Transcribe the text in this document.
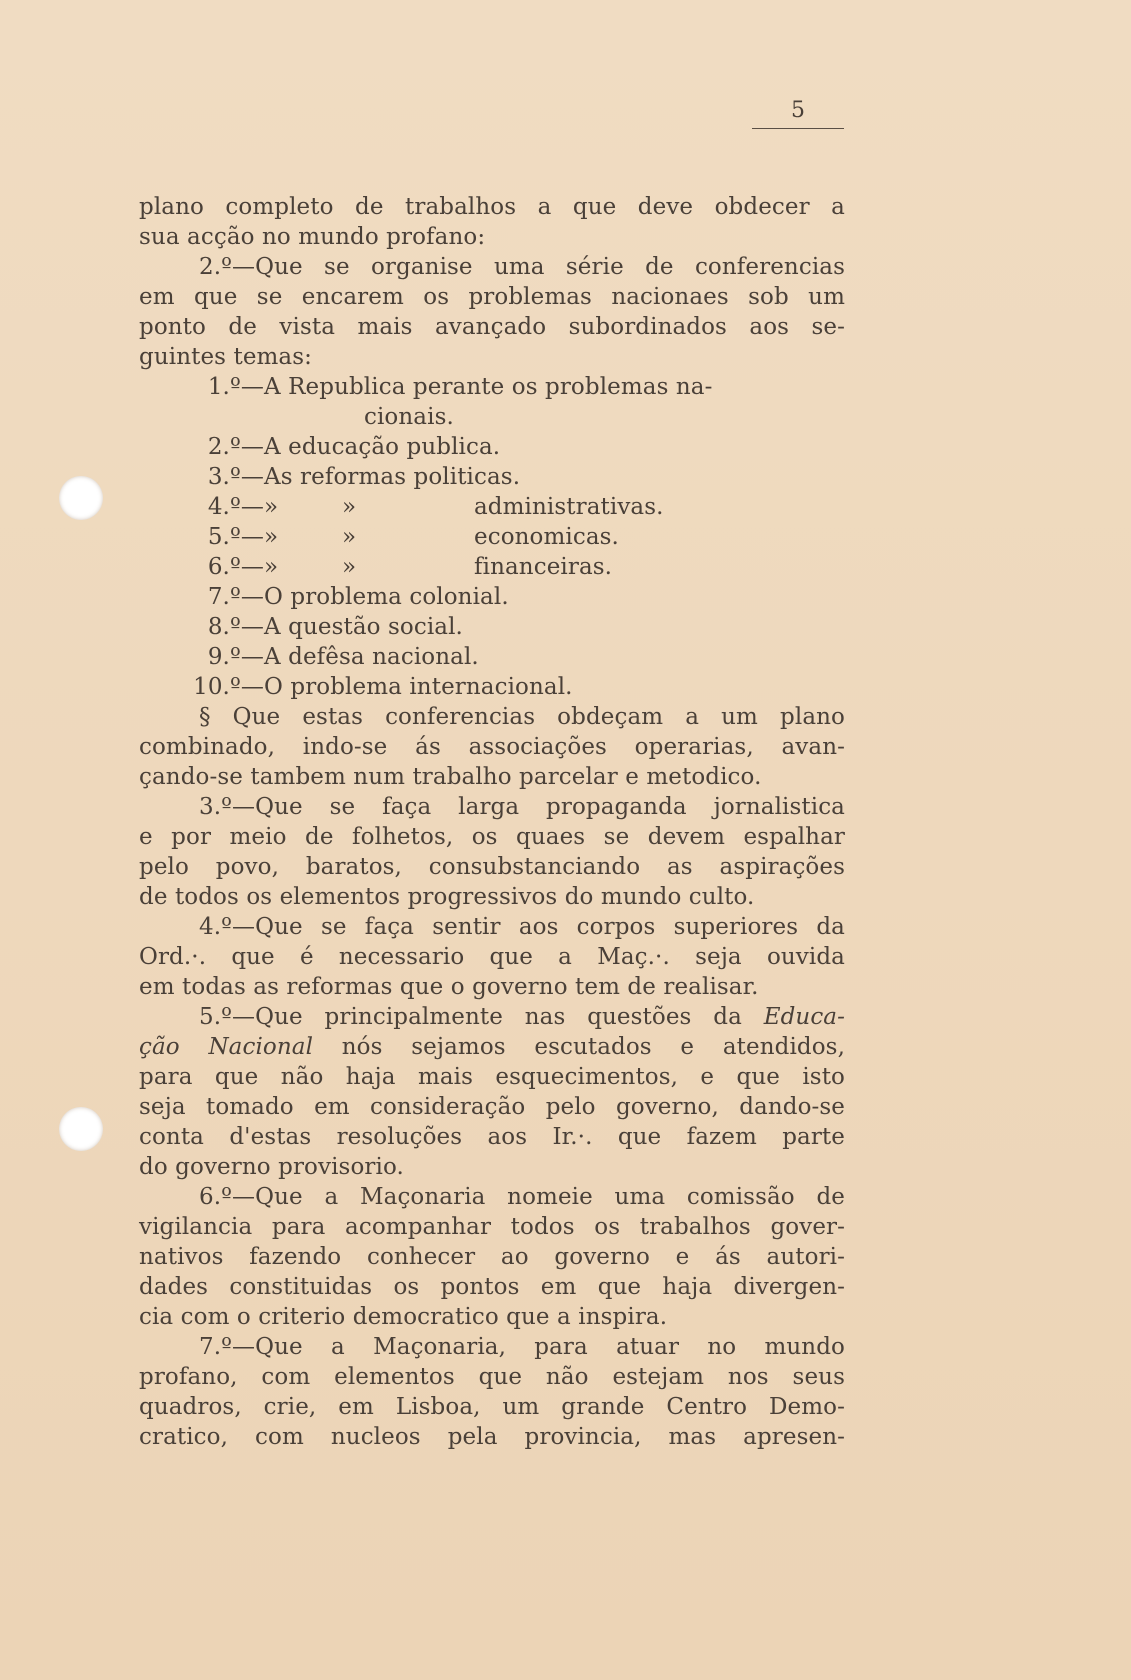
5
plano completo de trabalhos a que deve obdecer a
sua acção no mundo profano:
2.º—Que se organise uma série de conferencias
em que se encarem os problemas nacionaes sob um
ponto de vista mais avançado subordinados aos se-
guintes temas:
1.º—A Republica perante os problemas na-
cionais.
2.º—A educação publica.
3.º—As reformas politicas.
4.º—»	»	administrativas.
5.º—»	»	economicas.
6.º—»	»	financeiras.
7.º—O problema colonial.
8.º—A questão social.
9.º—A defêsa nacional.
10.º—O problema internacional.
§ Que estas conferencias obdeçam a um plano
combinado, indo-se ás associações operarias, avan-
çando-se tambem num trabalho parcelar e metodico.
3.º—Que se faça larga propaganda jornalistica
e por meio de folhetos, os quaes se devem espalhar
pelo povo, baratos, consubstanciando as aspirações
de todos os elementos progressivos do mundo culto.
4.º—Que se faça sentir aos corpos superiores da
Ord.·. que é necessario que a Maç.·. seja ouvida
em todas as reformas que o governo tem de realisar.
5.º—Que principalmente nas questões da Educa-
ção Nacional nós sejamos escutados e atendidos,
para que não haja mais esquecimentos, e que isto
seja tomado em consideração pelo governo, dando-se
conta d'estas resoluções aos Ir.·. que fazem parte
do governo provisorio.
6.º—Que a Maçonaria nomeie uma comissão de
vigilancia para acompanhar todos os trabalhos gover-
nativos fazendo conhecer ao governo e ás autori-
dades constituidas os pontos em que haja divergen-
cia com o criterio democratico que a inspira.
7.º—Que a Maçonaria, para atuar no mundo
profano, com elementos que não estejam nos seus
quadros, crie, em Lisboa, um grande Centro Demo-
cratico, com nucleos pela provincia, mas apresen-
